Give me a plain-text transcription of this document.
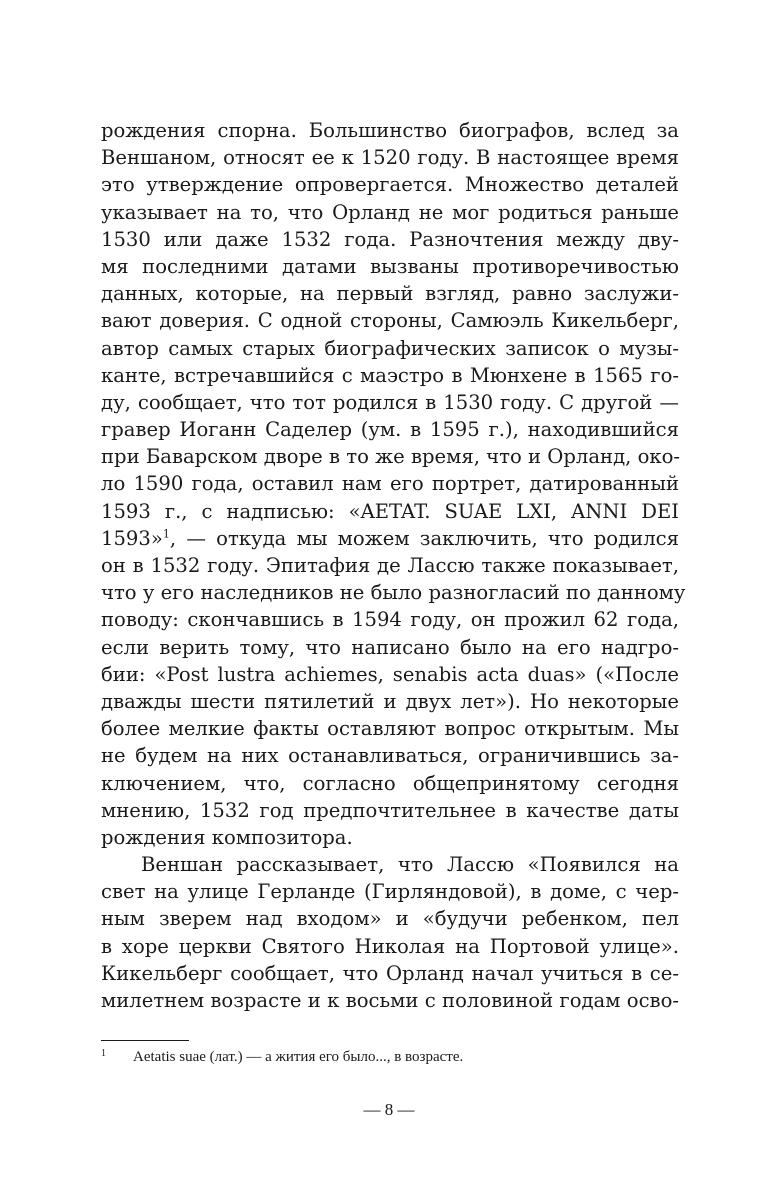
рождения спорна. Большинство биографов, вслед за
Веншаном, относят ее к 1520 году. В настоящее время
это утверждение опровергается. Множество деталей
указывает на то, что Орланд не мог родиться раньше
1530 или даже 1532 года. Разночтения между дву-
мя последними датами вызваны противоречивостью
данных, которые, на первый взгляд, равно заслужи-
вают доверия. С одной стороны, Самюэль Кикельберг,
автор самых старых биографических записок о музы-
канте, встречавшийся с маэстро в Мюнхене в 1565 го-
ду, сообщает, что тот родился в 1530 году. С другой —
гравер Иоганн Саделер (ум. в 1595 г.), находившийся
при Баварском дворе в то же время, что и Орланд, око-
ло 1590 года, оставил нам его портрет, датированный
1593 г., с надписью: «AETAT. SUAE LXI, ANNI DEI
1593»$^1$, — откуда мы можем заключить, что родился
он в 1532 году. Эпитафия де Лассю также показывает,
что у его наследников не было разногласий по данному
поводу: скончавшись в 1594 году, он прожил 62 года,
если верить тому, что написано было на его надгро-
бии: «Post lustra achiemes, senabis acta duas» («После
дважды шести пятилетий и двух лет»). Но некоторые
более мелкие факты оставляют вопрос открытым. Мы
не будем на них останавливаться, ограничившись за-
ключением, что, согласно общепринятому сегодня
мнению, 1532 год предпочтительнее в качестве даты
рождения композитора.
Веншан рассказывает, что Лассю «Появился на
свет на улице Герланде (Гирляндовой), в доме, с чер-
ным зверем над входом» и «будучи ребенком, пел
в хоре церкви Святого Николая на Портовой улице».
Кикельберг сообщает, что Орланд начал учиться в се-
милетнем возрасте и к восьми с половиной годам осво-
1 Aetatis suae (лат.) — а жития его было..., в возрасте.
— 8 —
